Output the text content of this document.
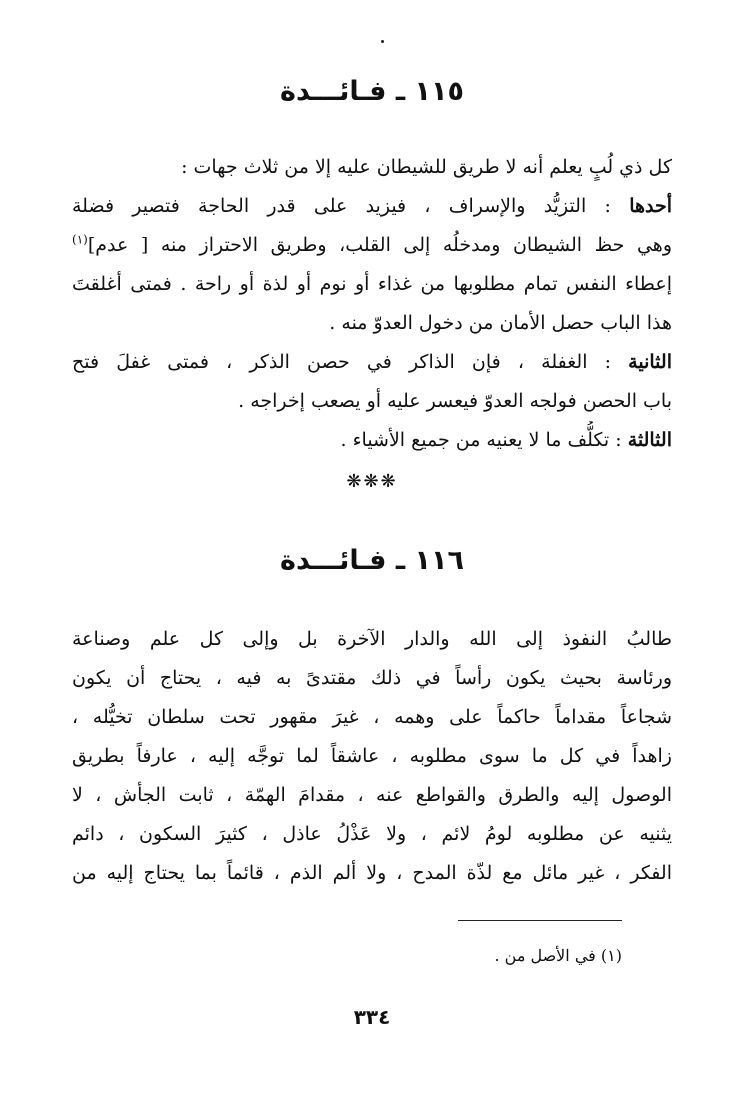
١١٥ ـ فـائـــدة
كل ذي لُبٍ يعلم أنه لا طريق للشيطان عليه إلا من ثلاث جهات :
أحدها : التزيُّد والإسراف ، فيزيد على قدر الحاجة فتصير فضلة
وهي حظ الشيطان ومدخلُه إلى القلب، وطريق الاحتراز منه [ عدم]$^{(١)}$
إعطاء النفس تمام مطلوبها من غذاء أو نوم أو لذة أو راحة . فمتى أغلقتَ
هذا الباب حصل الأمان من دخول العدوّ منه .
الثانية : الغفلة ، فإن الذاكر في حصن الذكر ، فمتى غفلَ فتح
باب الحصن فولجه العدوّ فيعسر عليه أو يصعب إخراجه .
الثالثة : تكلُّف ما لا يعنيه من جميع الأشياء .
❋❋❋
١١٦ ـ فـائـــدة
طالبُ النفوذ إلى الله والدار الآخرة بل وإلى كل علم وصناعة
ورئاسة بحيث يكون رأساً في ذلك مقتدىً به فيه ، يحتاج أن يكون
شجاعاً مقداماً حاكماً على وهمه ، غيرَ مقهور تحت سلطان تخيُّله ،
زاهداً في كل ما سوى مطلوبه ، عاشقاً لما توجَّه إليه ، عارفاً بطريق
الوصول إليه والطرق والقواطع عنه ، مقدامَ الهمّة ، ثابت الجأش ، لا
يثنيه عن مطلوبه لومُ لائم ، ولا عَذْلُ عاذل ، كثيرَ السكون ، دائم
الفكر ، غير مائل مع لذّة المدح ، ولا ألم الذم ، قائماً بما يحتاج إليه من
(١) في الأصل من .
٣٣٤
